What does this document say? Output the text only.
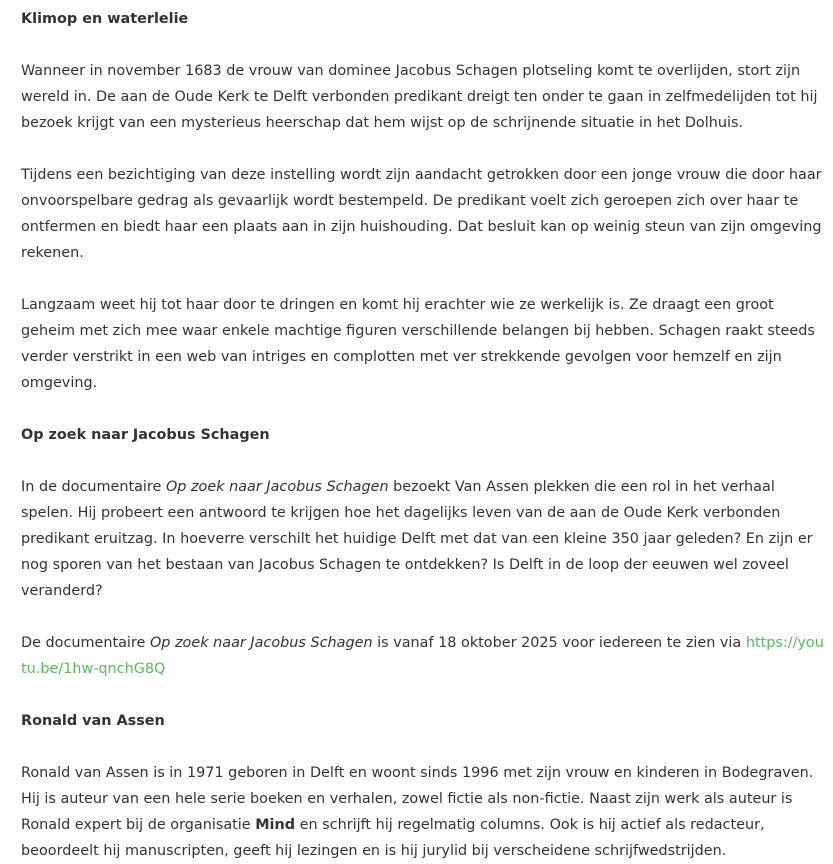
Klimop en waterlelie

Wanneer in november 1683 de vrouw van dominee Jacobus Schagen plotseling komt te overlijden, stort zijn wereld in. De aan de Oude Kerk te Delft verbonden predikant dreigt ten onder te gaan in zelfmedelijden tot hij bezoek krijgt van een mysterieus heerschap dat hem wijst op de schrijnende situatie in het Dolhuis.

Tijdens een bezichtiging van deze instelling wordt zijn aandacht getrokken door een jonge vrouw die door haar onvoorspelbare gedrag als gevaarlijk wordt bestempeld. De predikant voelt zich geroepen zich over haar te ontfermen en biedt haar een plaats aan in zijn huishouding. Dat besluit kan op weinig steun van zijn omgeving rekenen.

Langzaam weet hij tot haar door te dringen en komt hij erachter wie ze werkelijk is. Ze draagt een groot geheim met zich mee waar enkele machtige figuren verschillende belangen bij hebben. Schagen raakt steeds verder verstrikt in een web van intriges en complotten met ver strekkende gevolgen voor hemzelf en zijn omgeving.

Op zoek naar Jacobus Schagen

In de documentaire Op zoek naar Jacobus Schagen bezoekt Van Assen plekken die een rol in het verhaal spelen. Hij probeert een antwoord te krijgen hoe het dagelijks leven van de aan de Oude Kerk verbonden predikant eruitzag. In hoeverre verschilt het huidige Delft met dat van een kleine 350 jaar geleden? En zijn er nog sporen van het bestaan van Jacobus Schagen te ontdekken? Is Delft in de loop der eeuwen wel zoveel veranderd?

De documentaire Op zoek naar Jacobus Schagen is vanaf 18 oktober 2025 voor iedereen te zien via https://youtu.be/1hw-qnchG8Q

Ronald van Assen

Ronald van Assen is in 1971 geboren in Delft en woont sinds 1996 met zijn vrouw en kinderen in Bodegraven. Hij is auteur van een hele serie boeken en verhalen, zowel fictie als non-fictie. Naast zijn werk als auteur is Ronald expert bij de organisatie Mind en schrijft hij regelmatig columns. Ook is hij actief als redacteur, beoordeelt hij manuscripten, geeft hij lezingen en is hij jurylid bij verscheidene schrijfwedstrijden.
